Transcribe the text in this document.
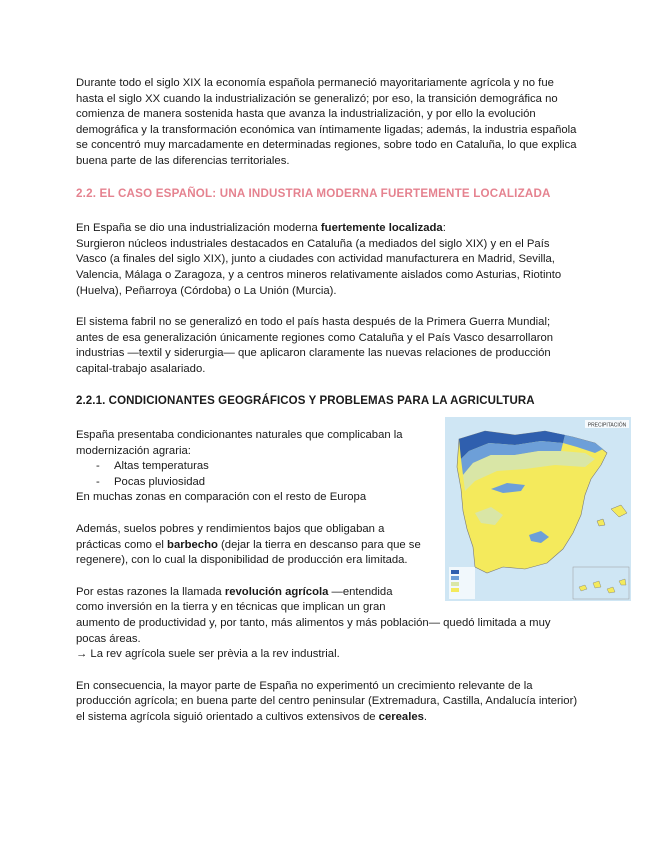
Durante todo el siglo XIX la economía española permaneció mayoritariamente agrícola y no fue hasta el siglo XX cuando la industrialización se generalizó; por eso, la transición demográfica no comienza de manera sostenida hasta que avanza la industrialización, y por ello la evolución demográfica y la transformación económica van íntimamente ligadas; además, la industria española se concentró muy marcadamente en determinadas regiones, sobre todo en Cataluña, lo que explica buena parte de las diferencias territoriales.

2.2. EL CASO ESPAÑOL: UNA INDUSTRIA MODERNA FUERTEMENTE LOCALIZADA

En España se dio una industrialización moderna fuertemente localizada:

Surgieron núcleos industriales destacados en Cataluña (a mediados del siglo XIX) y en el País Vasco (a finales del siglo XIX), junto a ciudades con actividad manufacturera en Madrid, Sevilla, Valencia, Málaga o Zaragoza, y a centros mineros relativamente aislados como Asturias, Riotinto (Huelva), Peñarroya (Córdoba) o La Unión (Murcia).

El sistema fabril no se generalizó en todo el país hasta después de la Primera Guerra Mundial; antes de esa generalización únicamente regiones como Cataluña y el País Vasco desarrollaron industrias —textil y siderurgia— que aplicaron claramente las nuevas relaciones de producción capital-trabajo asalariado.

2.2.1. CONDICIONANTES GEOGRÁFICOS Y PROBLEMAS PARA LA AGRICULTURA

España presentaba condicionantes naturales que complicaban la modernización agraria:

- Altas temperaturas
- Pocas pluviosidad

En muchas zonas en comparación con el resto de Europa

Además, suelos pobres y rendimientos bajos que obligaban a prácticas como el barbecho (dejar la tierra en descanso para que se regenere), con lo cual la disponibilidad de producción era limitada.

Por estas razones la llamada revolución agrícola —entendida

como inversión en la tierra y en técnicas que implican un gran

aumento de productividad y, por tanto, más alimentos y más población— quedó limitada a muy pocas áreas.

→ La rev agrícola suele ser prèvia a la rev industrial.

En consecuencia, la mayor parte de España no experimentó un crecimiento relevante de la producción agrícola; en buena parte del centro peninsular (Extremadura, Castilla, Andalucía interior) el sistema agrícola siguió orientado a cultivos extensivos de cereales.

PRECIPITACIÓN
